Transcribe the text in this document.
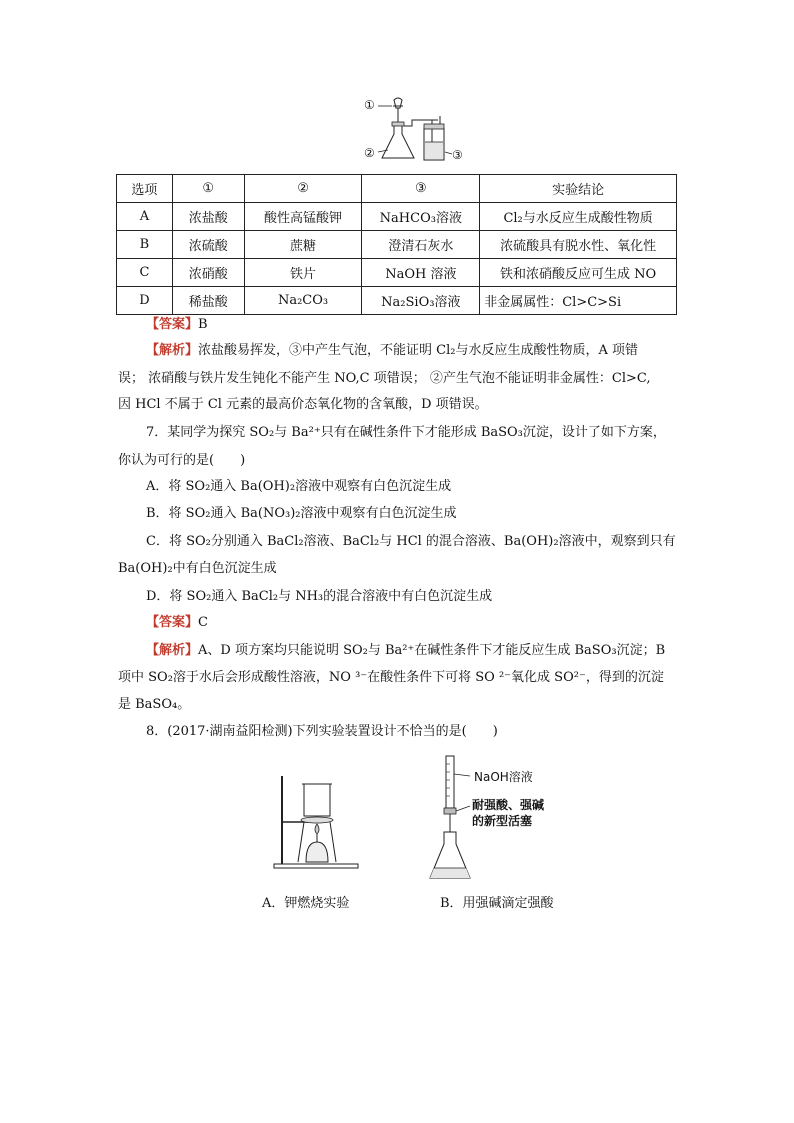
①
②	③
选项	①	②	③	实验结论
A	浓盐酸	酸性高锰酸钾	NaHCO₃溶液	Cl₂与水反应生成酸性物质
B	浓硫酸	蔗糖	澄清石灰水	浓硫酸具有脱水性、氧化性
C	浓硝酸	铁片	NaOH 溶液	铁和浓硝酸反应可生成 NO
D	稀盐酸	Na₂CO₃	Na₂SiO₃溶液	非金属属性：Cl>C>Si
【答案】B
【解析】浓盐酸易挥发，③中产生气泡，不能证明 Cl₂与水反应生成酸性物质，A 项错
误； 浓硝酸与铁片发生钝化不能产生 NO,C 项错误； ②产生气泡不能证明非金属性：Cl>C,
因 HCl 不属于 Cl 元素的最高价态氧化物的含氧酸，D 项错误。
7．某同学为探究 SO₂与 Ba²⁺只有在碱性条件下才能形成 BaSO₃沉淀，设计了如下方案，
你认为可行的是(　　)
A．将 SO₂通入 Ba(OH)₂溶液中观察有白色沉淀生成
B．将 SO₂通入 Ba(NO₃)₂溶液中观察有白色沉淀生成
C．将 SO₂分别通入 BaCl₂溶液、BaCl₂与 HCl 的混合溶液、Ba(OH)₂溶液中，观察到只有
Ba(OH)₂中有白色沉淀生成
D．将 SO₂通入 BaCl₂与 NH₃的混合溶液中有白色沉淀生成
【答案】C
【解析】A、D 项方案均只能说明 SO₂与 Ba²⁺在碱性条件下才能反应生成 BaSO₃沉淀；B
项中 SO₂溶于水后会形成酸性溶液，NO ³⁻在酸性条件下可将 SO ²⁻氧化成 SO²⁻，得到的沉淀
是 BaSO₄。
8．(2017·湖南益阳检测)下列实验装置设计不恰当的是(　　)
A．钾燃烧实验
NaOH溶液
耐强酸、强碱
的新型活塞
B．用强碱滴定强酸
